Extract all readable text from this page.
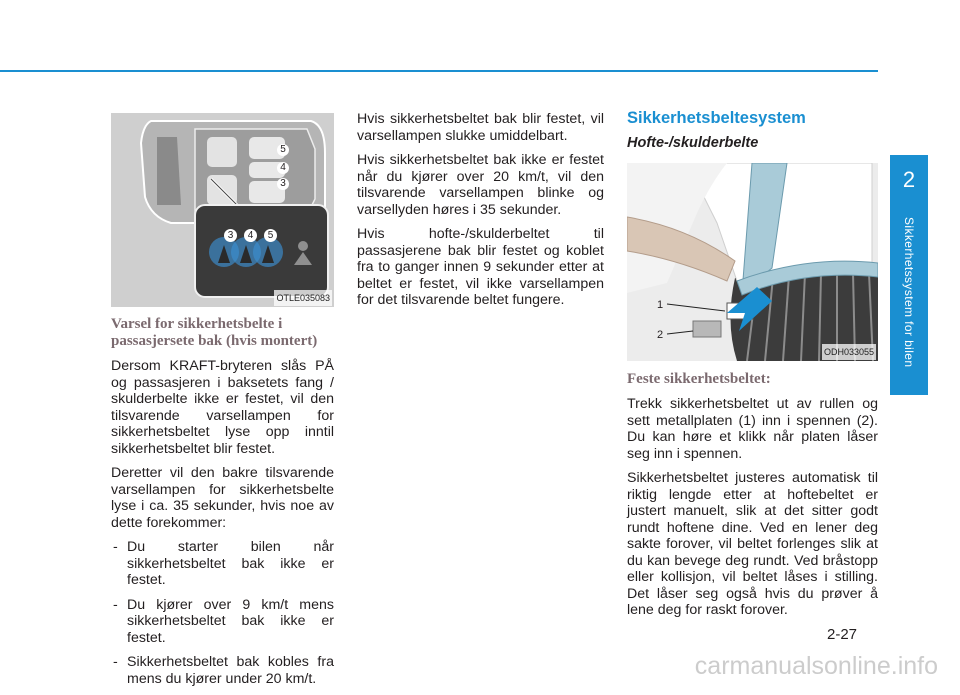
2
Sikkerhetssystem for bilen
5
4
3
3	4	5
OTLE035083
Varsel for sikkerhetsbelte i passasjersete bak (hvis montert)

Dersom KRAFT-bryteren slås PÅ og passasjeren i baksetets fang / skulderbelte ikke er festet, vil den tilsvarende varsellampen for sikkerhetsbeltet lyse opp inntil sikkerhetsbeltet blir festet.

Deretter vil den bakre tilsvarende varsellampen for sikkerhetsbelte lyse i ca. 35 sekunder, hvis noe av dette forekommer:

- Du starter bilen når sikkerhetsbeltet bak ikke er festet.
- Du kjører over 9 km/t mens sikkerhetsbeltet bak ikke er festet.
- Sikkerhetsbeltet bak kobles fra mens du kjører under 20 km/t.

Hvis sikkerhetsbeltet bak blir festet, vil varsellampen slukke umiddelbart.

Hvis sikkerhetsbeltet bak ikke er festet når du kjører over 20 km/t, vil den tilsvarende varsellampen blinke og varsellyden høres i 35 sekunder.

Hvis hofte-/skulderbeltet til passasjerene bak blir festet og koblet fra to ganger innen 9 sekunder etter at beltet er festet, vil ikke varsellampen for det tilsvarende beltet fungere.

Sikkerhetsbeltesystem
Hofte-/skulderbelte
1
2
ODH033055
Feste sikkerhetsbeltet:

Trekk sikkerhetsbeltet ut av rullen og sett metallplaten (1) inn i spennen (2). Du kan høre et klikk når platen låser seg inn i spennen.

Sikkerhetsbeltet justeres automatisk til riktig lengde etter at hoftebeltet er justert manuelt, slik at det sitter godt rundt hoftene dine. Ved en lener deg sakte forover, vil beltet forlenges slik at du kan bevege deg rundt. Ved bråstopp eller kollisjon, vil beltet låses i stilling. Det låser seg også hvis du prøver å lene deg for raskt forover.

2-27
carmanualsonline.info
